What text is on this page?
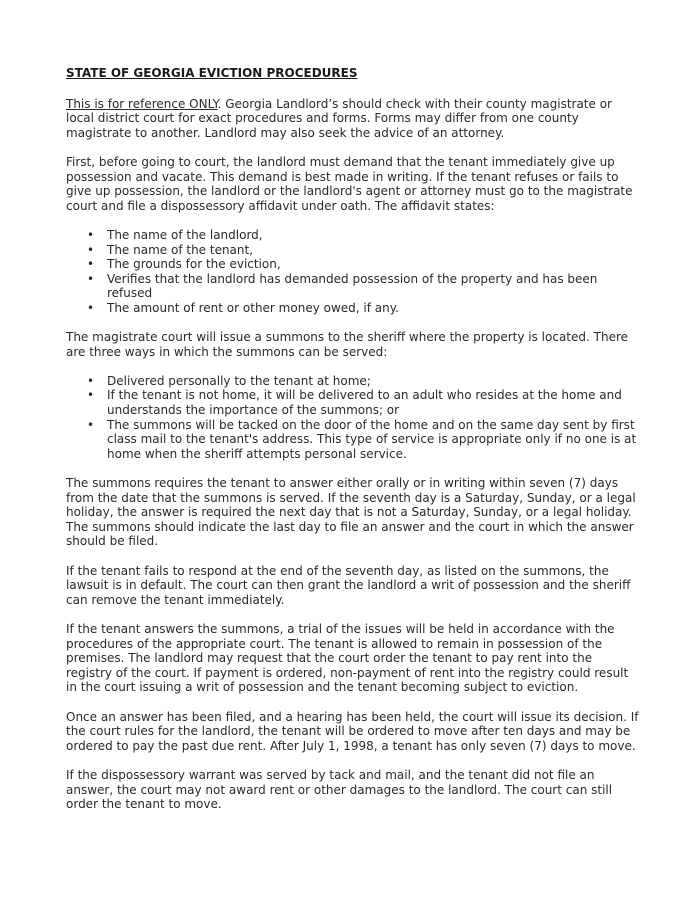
STATE OF GEORGIA EVICTION PROCEDURES

This is for reference ONLY. Georgia Landlord’s should check with their county magistrate or local district court for exact procedures and forms. Forms may differ from one county magistrate to another. Landlord may also seek the advice of an attorney.

First, before going to court, the landlord must demand that the tenant immediately give up possession and vacate. This demand is best made in writing. If the tenant refuses or fails to give up possession, the landlord or the landlord's agent or attorney must go to the magistrate court and file a dispossessory affidavit under oath. The affidavit states:

• The name of the landlord,
• The name of the tenant,
• The grounds for the eviction,
• Verifies that the landlord has demanded possession of the property and has been refused
• The amount of rent or other money owed, if any.

The magistrate court will issue a summons to the sheriff where the property is located. There are three ways in which the summons can be served:

• Delivered personally to the tenant at home;
• If the tenant is not home, it will be delivered to an adult who resides at the home and understands the importance of the summons; or
• The summons will be tacked on the door of the home and on the same day sent by first class mail to the tenant's address. This type of service is appropriate only if no one is at home when the sheriff attempts personal service.

The summons requires the tenant to answer either orally or in writing within seven (7) days from the date that the summons is served. If the seventh day is a Saturday, Sunday, or a legal holiday, the answer is required the next day that is not a Saturday, Sunday, or a legal holiday. The summons should indicate the last day to file an answer and the court in which the answer should be filed.

If the tenant fails to respond at the end of the seventh day, as listed on the summons, the lawsuit is in default. The court can then grant the landlord a writ of possession and the sheriff can remove the tenant immediately.

If the tenant answers the summons, a trial of the issues will be held in accordance with the procedures of the appropriate court. The tenant is allowed to remain in possession of the premises. The landlord may request that the court order the tenant to pay rent into the registry of the court. If payment is ordered, non-payment of rent into the registry could result in the court issuing a writ of possession and the tenant becoming subject to eviction.

Once an answer has been filed, and a hearing has been held, the court will issue its decision. If the court rules for the landlord, the tenant will be ordered to move after ten days and may be ordered to pay the past due rent. After July 1, 1998, a tenant has only seven (7) days to move.

If the dispossessory warrant was served by tack and mail, and the tenant did not file an answer, the court may not award rent or other damages to the landlord. The court can still order the tenant to move.
